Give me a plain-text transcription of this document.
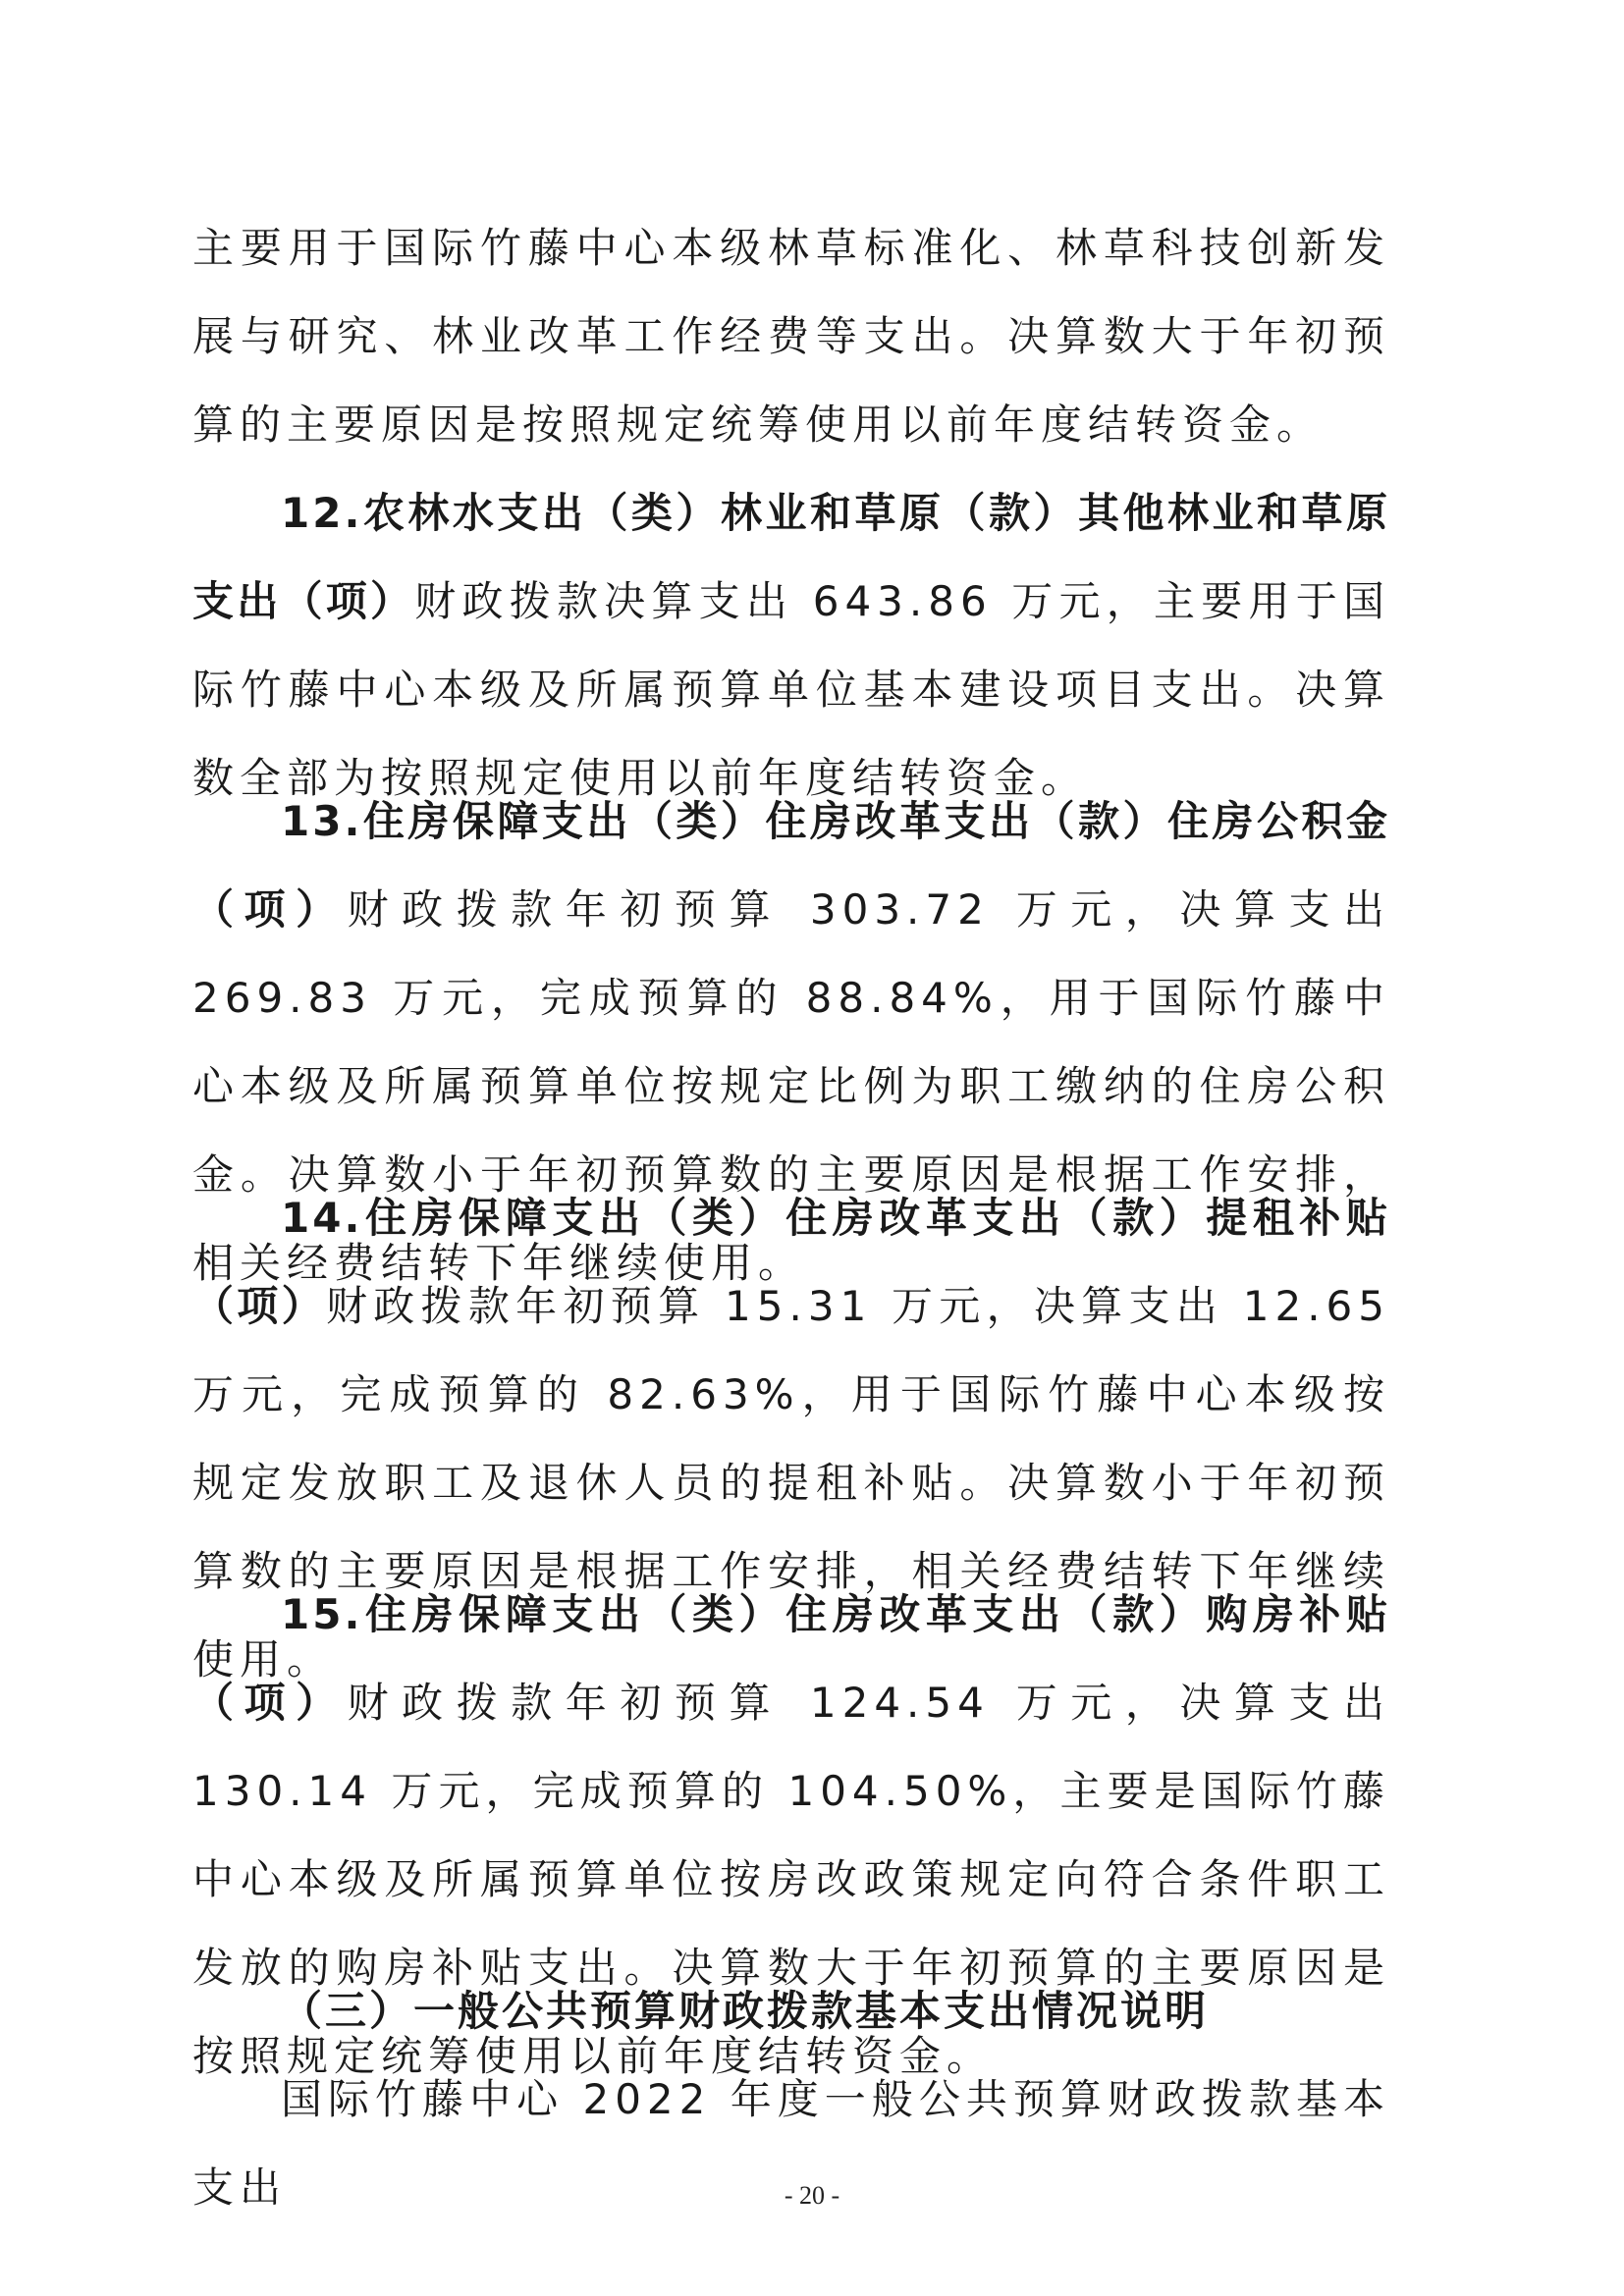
主要用于国际竹藤中心本级林草标准化、林草科技创新发展与研究、林业改革工作经费等支出。决算数大于年初预算的主要原因是按照规定统筹使用以前年度结转资金。

12.农林水支出（类）林业和草原（款）其他林业和草原支出（项）财政拨款决算支出 643.86 万元，主要用于国际竹藤中心本级及所属预算单位基本建设项目支出。决算数全部为按照规定使用以前年度结转资金。

13.住房保障支出（类）住房改革支出（款）住房公积金（项）财政拨款年初预算 303.72 万元，决算支出 269.83 万元，完成预算的 88.84%，用于国际竹藤中心本级及所属预算单位按规定比例为职工缴纳的住房公积金。决算数小于年初预算数的主要原因是根据工作安排，相关经费结转下年继续使用。

14.住房保障支出（类）住房改革支出（款）提租补贴（项）财政拨款年初预算 15.31 万元，决算支出 12.65 万元，完成预算的 82.63%，用于国际竹藤中心本级按规定发放职工及退休人员的提租补贴。决算数小于年初预算数的主要原因是根据工作安排，相关经费结转下年继续使用。

15.住房保障支出（类）住房改革支出（款）购房补贴（项）财政拨款年初预算 124.54 万元，决算支出 130.14 万元，完成预算的 104.50%，主要是国际竹藤中心本级及所属预算单位按房改政策规定向符合条件职工发放的购房补贴支出。决算数大于年初预算的主要原因是按照规定统筹使用以前年度结转资金。

（三）一般公共预算财政拨款基本支出情况说明

国际竹藤中心 2022 年度一般公共预算财政拨款基本支出	- 20 -
